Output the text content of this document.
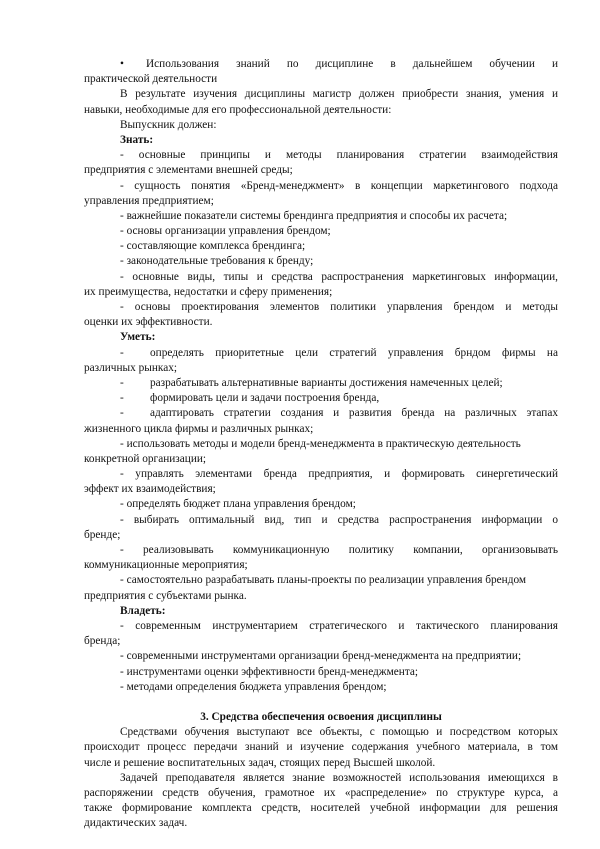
•	Использования знаний по дисциплине в дальнейшем обучении и
практической деятельности
В результате изучения дисциплины магистр должен приобрести знания, умения и
навыки, необходимые для его профессиональной деятельности:
Выпускник должен:
Знать:
- основные принципы и методы планирования стратегии взаимодействия
предприятия с элементами внешней среды;
- сущность понятия «Бренд-менеджмент» в концепции маркетингового подхода
управления предприятием;
- важнейшие показатели системы брендинга предприятия и способы их расчета;
- основы организации управления брендом;
- составляющие комплекса брендинга;
- законодательные требования к бренду;
- основные виды, типы и средства распространения маркетинговых информации,
их преимущества, недостатки и сферу применения;
- основы проектирования элементов политики упарвления брендом и методы
оценки их эффективности.
Уметь:
-	определять приоритетные цели стратегий управления брндом фирмы на
различных рынках;
-	разрабатывать альтернативные варианты достижения намеченных целей;
-	формировать цели и задачи построения бренда,
-	адаптировать стратегии создания и развития бренда на различных этапах
жизненного цикла фирмы и различных рынках;
- использовать методы и модели бренд-менеджмента в практическую деятельность
конкретной организации;
- управлять элементами бренда предприятия, и формировать синергетический
эффект их взаимодействия;
- определять бюджет плана управления брендом;
- выбирать оптимальный вид, тип и средства распространения информации о
бренде;
- реализовывать коммуникационную политику компании, организовывать
коммуникационные мероприятия;
- самостоятельно разрабатывать планы-проекты по реализации управления брендом
предприятия с субъектами рынка.
Владеть:
- современным инструментарием стратегического и тактического планирования
бренда;
- современными инструментами организации бренд-менеджмента на предприятии;
- инструментами оценки эффективности бренд-менеджмента;
- методами определения бюджета управления брендом;
3. Средства обеспечения освоения дисциплины
Средствами обучения выступают все объекты, с помощью и посредством которых
происходит процесс передачи знаний и изучение содержания учебного материала, в том
числе и решение воспитательных задач, стоящих перед Высшей школой.
Задачей преподавателя является знание возможностей использования имеющихся в
распоряжении средств обучения, грамотное их «распределение» по структуре курса, а
также формирование комплекта средств, носителей учебной информации для решения
дидактических задач.
